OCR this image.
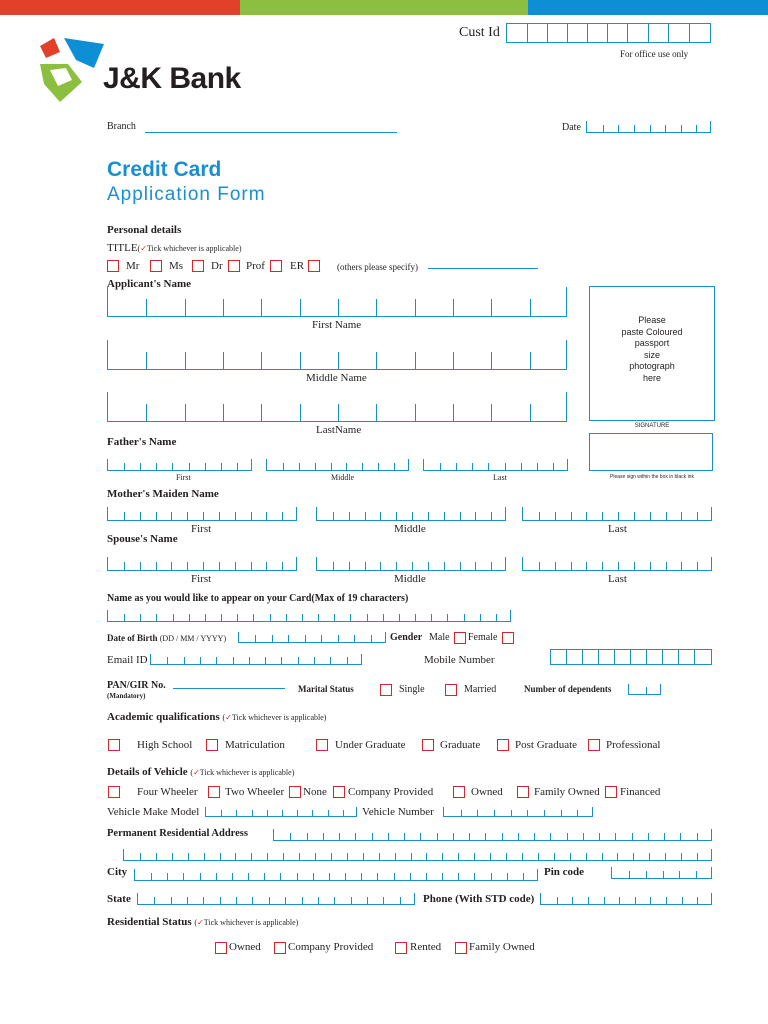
J&K Bank
Cust Id
For office use only
Branch	Date
Credit Card
Application Form
Personal details
TITLE(✓Tick whichever is applicable)
Mr	Ms	Dr Prof ER	(others please specify)
Applicant's Name
First Name
Middle Name
LastName
Please
paste Coloured
passport
size
photograph
here
SIGNATURE
Please sign within the box in black ink
Father's Name
First	Middle	Last
Mother's Maiden Name
First	Middle	Last
Spouse's Name
First	Middle	Last
Name as you would like to appear on your Card(Max of 19 characters)
Date of Birth (DD / MM / YYYY)	Gender Male Female
Email ID	Mobile Number
PAN/GIR No.
(Mandatory)
Marital Status	Single	Married	Number of dependents
Academic qualifications (✓Tick whichever is applicable)
High School	Matriculation	Under Graduate	Graduate	Post Graduate	Professional
Details of Vehicle (✓Tick whichever is applicable)
Four Wheeler Two Wheeler None Company Provided	Owned	Family Owned Financed
Vehicle Make Model	Vehicle Number
Permanent Residential Address
City	Pin code
State	Phone (With STD code)
Residential Status (✓Tick whichever is applicable)
Owned Company Provided	Rented	Family Owned
